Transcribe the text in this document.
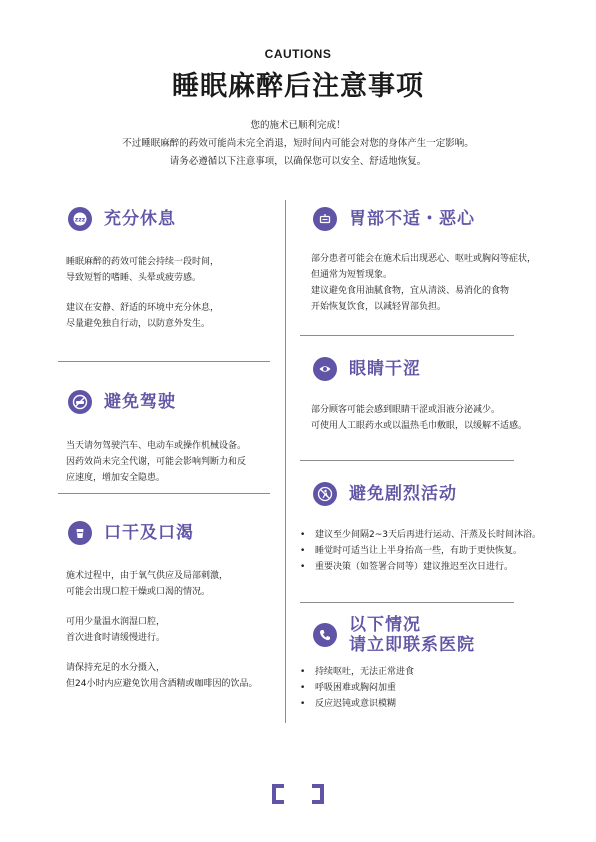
CAUTIONS
睡眠麻醉后注意事项
您的施术已顺利完成！
不过睡眠麻醉的药效可能尚未完全消退，短时间内可能会对您的身体产生一定影响。
请务必遵循以下注意事项，以确保您可以安全、舒适地恢复。
zzz 充分休息
睡眠麻醉的药效可能会持续一段时间，
导致短暂的嗜睡、头晕或疲劳感。
建议在安静、舒适的环境中充分休息，
尽量避免独自行动，以防意外发生。
避免驾驶
当天请勿驾驶汽车、电动车或操作机械设备。
因药效尚未完全代谢，可能会影响判断力和反
应速度，增加安全隐患。
口干及口渴
施术过程中，由于氧气供应及局部刺激，
可能会出现口腔干燥或口渴的情况。
可用少量温水润湿口腔，
首次进食时请缓慢进行。
请保持充足的水分摄入，
但24小时内应避免饮用含酒精或咖啡因的饮品。
胃部不适・恶心
部分患者可能会在施术后出现恶心、呕吐或胸闷等症状，
但通常为短暂现象。
建议避免食用油腻食物，宜从清淡、易消化的食物
开始恢复饮食，以减轻胃部负担。
眼睛干涩
部分顾客可能会感到眼睛干涩或泪液分泌减少。
可使用人工眼药水或以温热毛巾敷眼，以缓解不适感。
避免剧烈活动
•	建议至少间隔2~3天后再进行运动、汗蒸及长时间沐浴。
•	睡觉时可适当让上半身抬高一些，有助于更快恢复。
•	重要决策（如签署合同等）建议推迟至次日进行。
以下情况
请立即联系医院
•	持续呕吐，无法正常进食
•	呼吸困难或胸闷加重
•	反应迟钝或意识模糊
